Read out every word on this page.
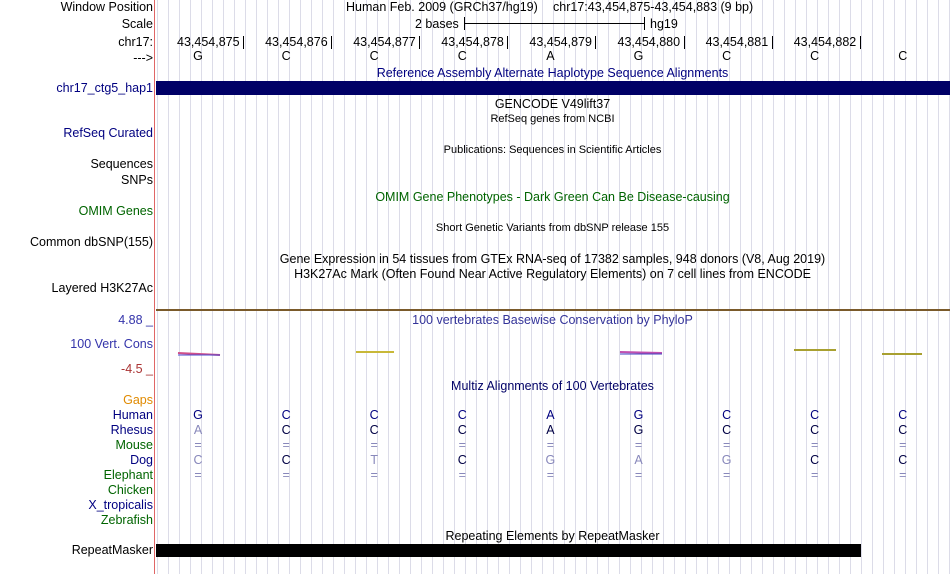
Window Position	Human Feb. 2009 (GRCh37/hg19) chr17:43,454,875-43,454,883 (9 bp)
Scale	2 bases	hg19
chr17: 43,454,875 43,454,876 43,454,877 43,454,878 43,454,879 43,454,880 43,454,881 43,454,882
--->	G	C	C	C	A	G	C	C	C
Reference Assembly Alternate Haplotype Sequence Alignments
chr17_ctg5_hap1
GENCODE V49lift37
RefSeq genes from NCBI
RefSeq Curated
Publications: Sequences in Scientific Articles
Sequences
SNPs
OMIM Gene Phenotypes - Dark Green Can Be Disease-causing
OMIM Genes
Short Genetic Variants from dbSNP release 155
Common dbSNP(155)
Gene Expression in 54 tissues from GTEx RNA-seq of 17382 samples, 948 donors (V8, Aug 2019)
H3K27Ac Mark (Often Found Near Active Regulatory Elements) on 7 cell lines from ENCODE
Layered H3K27Ac
100 vertebrates Basewise Conservation by PhyloP
4.88 _
100 Vert. Cons
-4.5 _
Multiz Alignments of 100 Vertebrates
Gaps
Human	G	C	C	C	A	G	C	C	C
Rhesus	A	C	C	C	A	G	C	C	C
Mouse	=	=	=	=	=	=	=	=	=
Dog	C	C	T	C	G	A	G	C	C
Elephant	=	=	=	=	=	=	=	=	=
Chicken
X_tropicalis
Zebrafish
Repeating Elements by RepeatMasker
RepeatMasker
